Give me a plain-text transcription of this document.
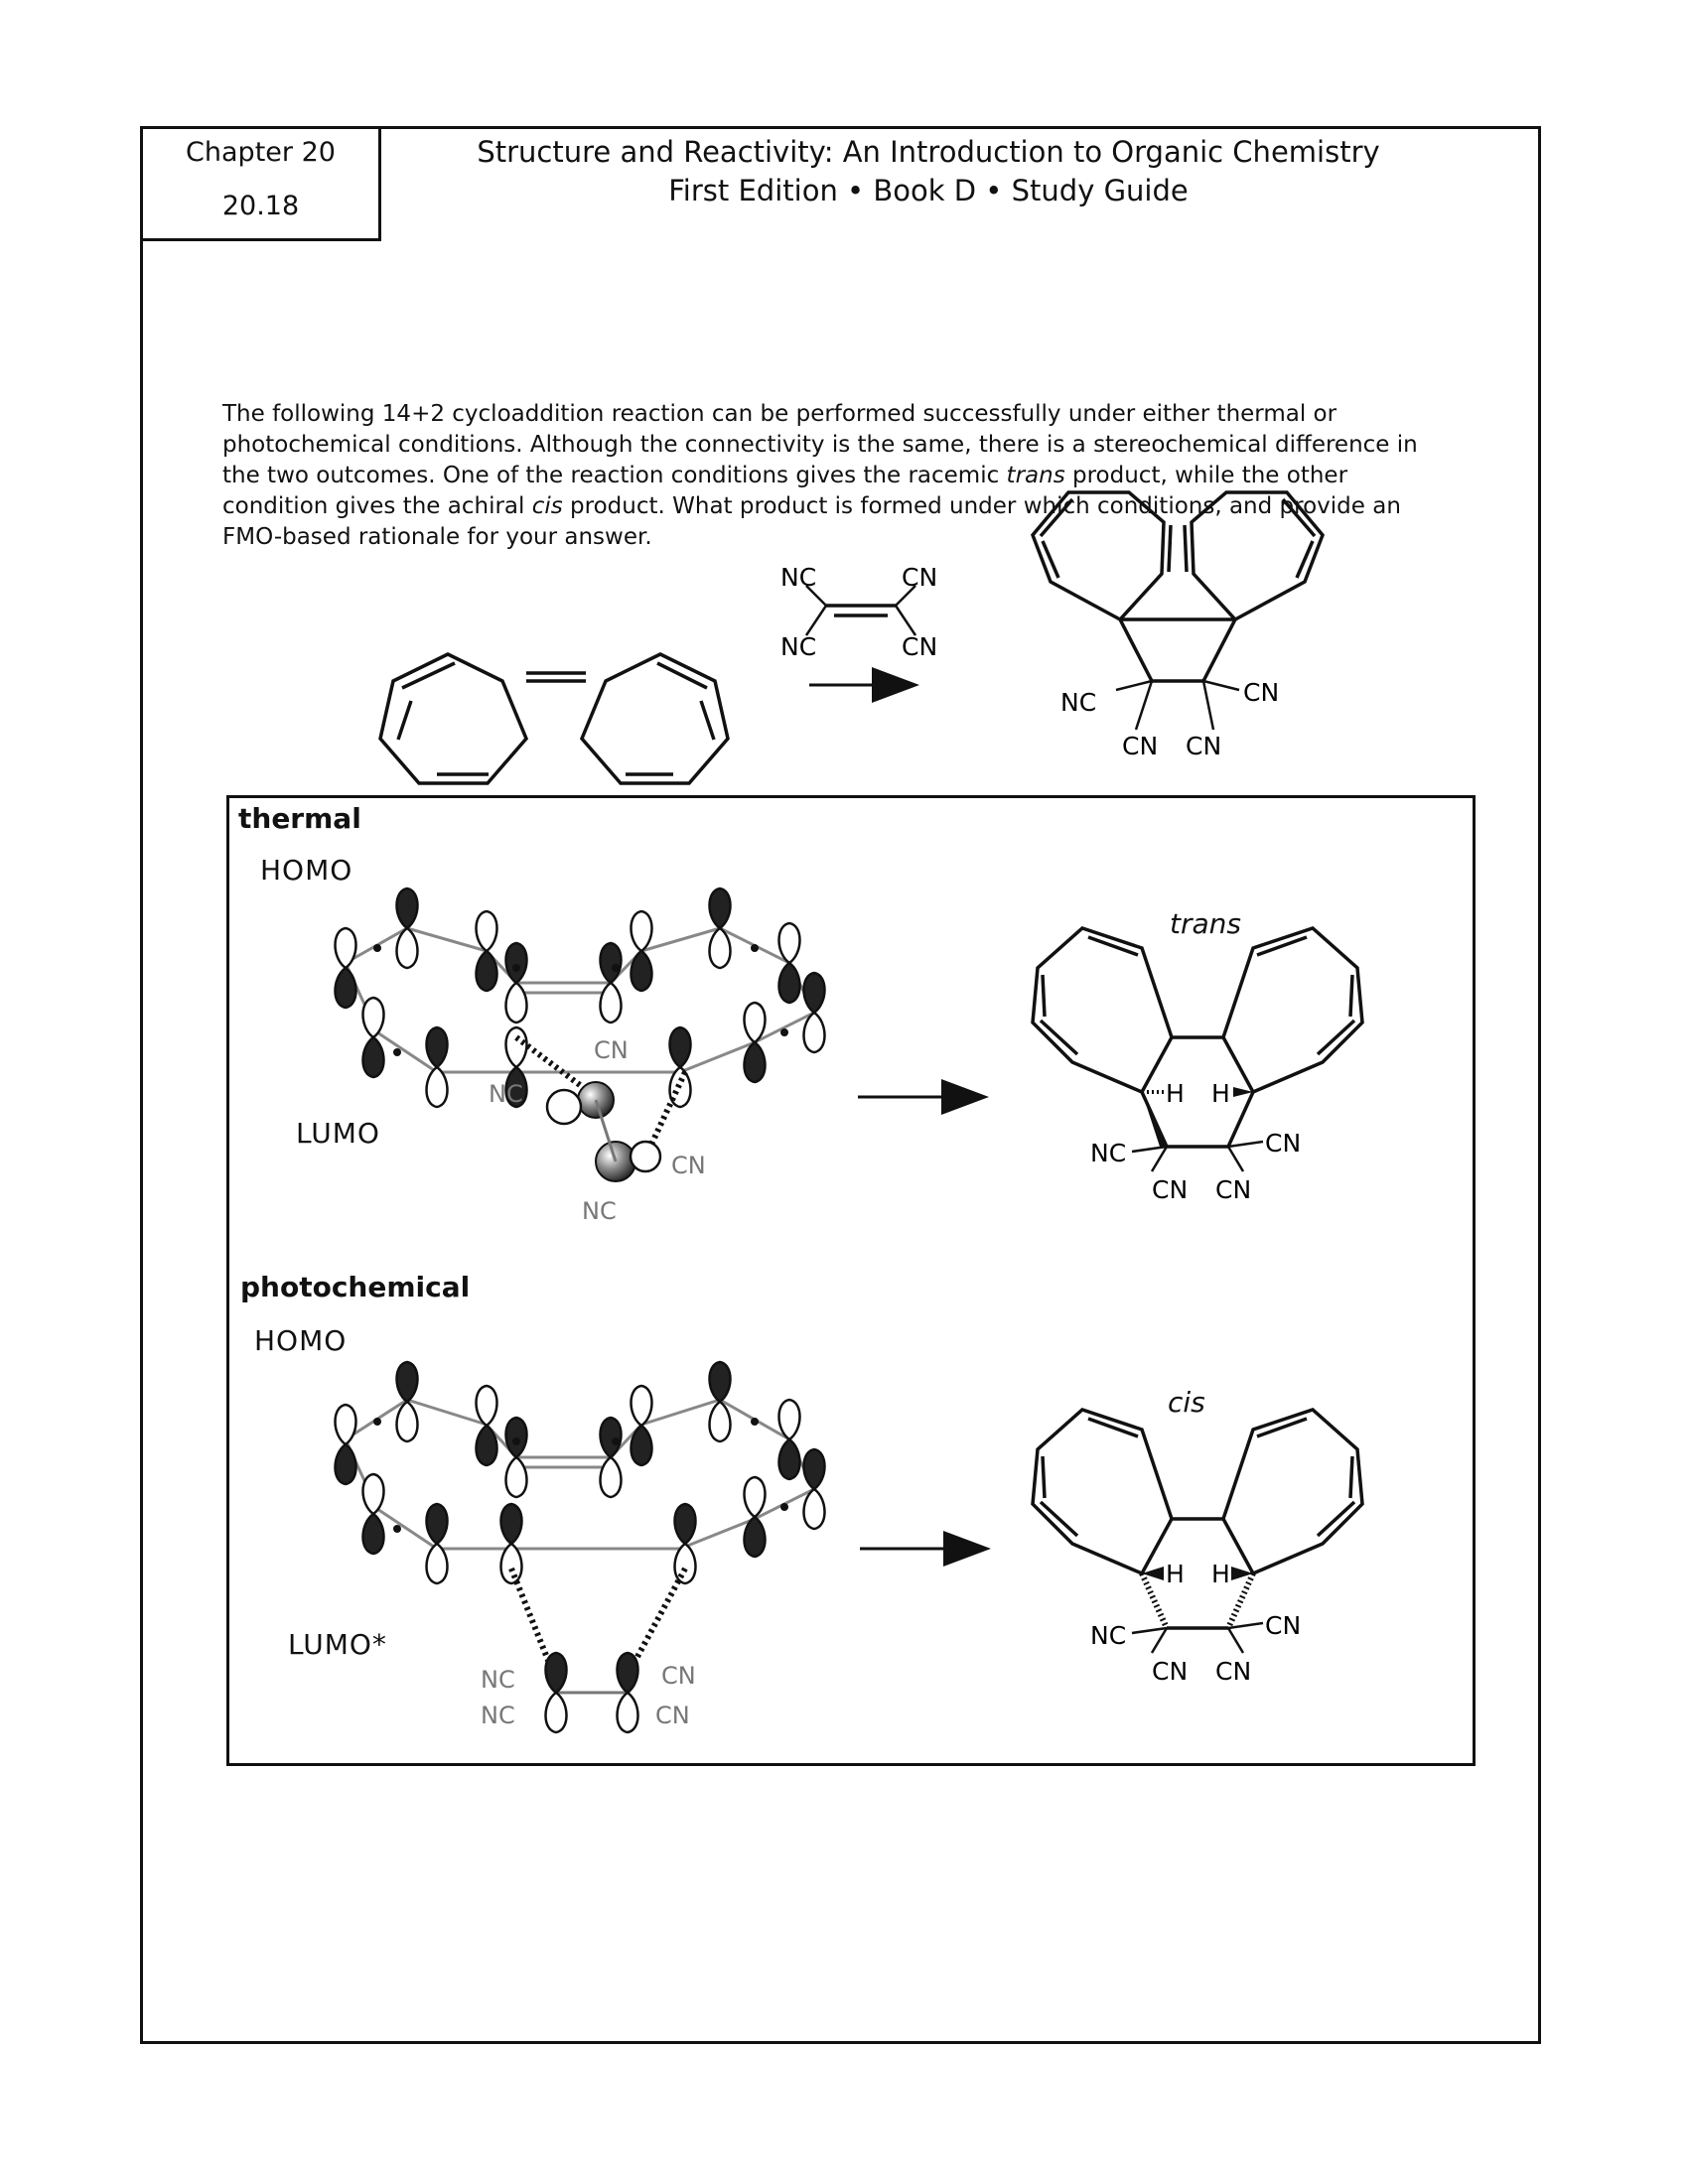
Chapter 20
20.18
Structure and Reactivity: An Introduction to Organic Chemistry
First Edition • Book D • Study Guide
The following 14+2 cycloaddition reaction can be performed successfully under either thermal or photochemical conditions. Although the connectivity is the same, there is a stereochemical difference in the two outcomes. One of the reaction conditions gives the racemic trans product, while the other condition gives the achiral cis product. What product is formed under which conditions, and provide an FMO-based rationale for your answer.
NC	CN
NC	CN
NC	CN
CN CN
thermal
HOMO
LUMO
trans
photochemical
HOMO
LUMO*
cis
CN
NC
CN
NC
H H
NC	CN
CN CN
NC
NC
CN
CN
H H
NC	CN
CN CN
